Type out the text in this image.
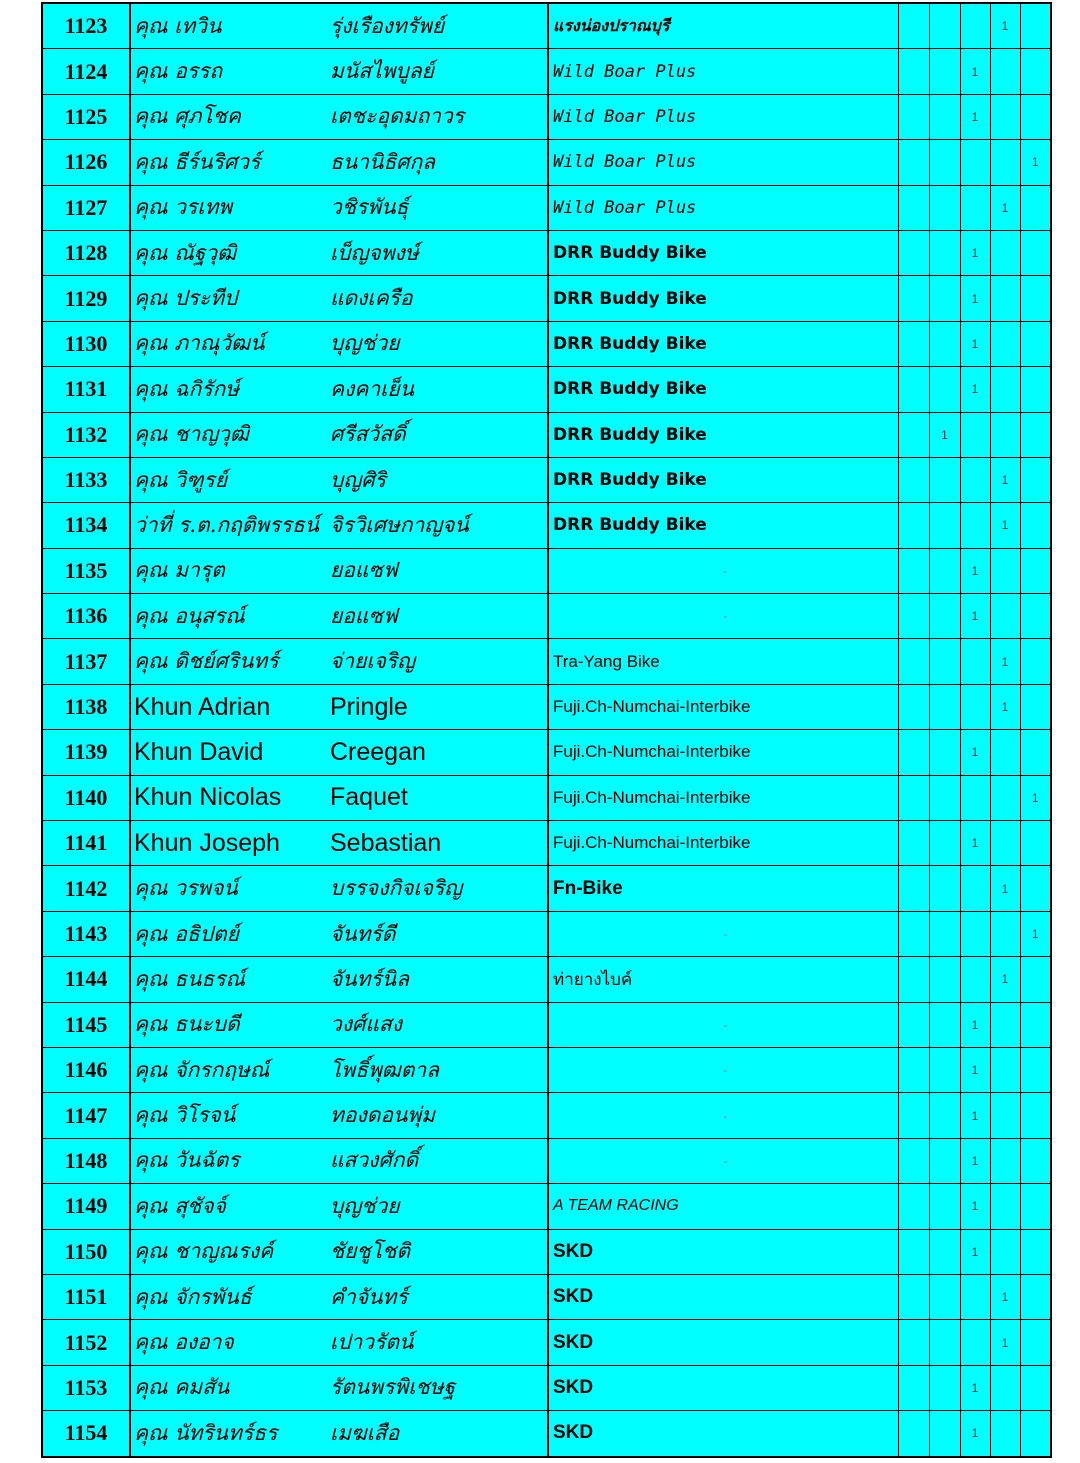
1123	คุณ เทวิน	รุ่งเรืองทรัพย์	แรงน่องปราณบุรี				1	
1124	คุณ อรรถ	มนัสไพบูลย์	Wild Boar Plus			1		
1125	คุณ ศุภโชค	เตชะอุดมถาวร	Wild Boar Plus			1		
1126	คุณ ธีร์นริศวร์	ธนานิธิศกุล	Wild Boar Plus					1
1127	คุณ วรเทพ	วชิรพันธุ์	Wild Boar Plus				1	
1128	คุณ ณัฐวุฒิ	เบ็ญจพงษ์	DRR Buddy Bike			1		
1129	คุณ ประทีป	แดงเครือ	DRR Buddy Bike			1		
1130	คุณ ภาณุวัฒน์	บุญช่วย	DRR Buddy Bike			1		
1131	คุณ ฉกิรักษ์	คงคาเย็น	DRR Buddy Bike			1		
1132	คุณ ชาญวุฒิ	ศรีสวัสดิ์	DRR Buddy Bike		1			
1133	คุณ วิฑูรย์	บุญศิริ	DRR Buddy Bike				1	
1134	ว่าที่ ร.ต.กฤติพรรธน์	จิรวิเศษกาญจน์	DRR Buddy Bike				1	
1135	คุณ มารุต	ยอแซฟ	-			1		
1136	คุณ อนุสรณ์	ยอแซฟ	-			1		
1137	คุณ ดิชย์ศรินทร์	จ่ายเจริญ	Tra-Yang Bike				1	
1138	Khun Adrian	Pringle	Fuji.Ch-Numchai-Interbike				1	
1139	Khun David	Creegan	Fuji.Ch-Numchai-Interbike			1		
1140	Khun Nicolas	Faquet	Fuji.Ch-Numchai-Interbike					1
1141	Khun Joseph	Sebastian	Fuji.Ch-Numchai-Interbike			1		
1142	คุณ วรพจน์	บรรจงกิจเจริญ	Fn-Bike				1	
1143	คุณ อธิปตย์	จันทร์ดี	-					1
1144	คุณ ธนธรณ์	จันทร์นิล	ท่ายางไบค์				1	
1145	คุณ ธนะบดี	วงศ์แสง	-			1		
1146	คุณ จักรกฤษณ์	โพธิ์พุฒตาล	-			1		
1147	คุณ วิโรจน์	ทองดอนพุ่ม	-			1		
1148	คุณ วันฉัตร	แสวงศักดิ์	-			1		
1149	คุณ สุชัจจ์	บุญช่วย	A TEAM RACING			1		
1150	คุณ ชาญณรงค์	ชัยชูโชติ	SKD			1		
1151	คุณ จักรพันธ์	คำจันทร์	SKD				1	
1152	คุณ องอาจ	เปาวรัตน์	SKD				1	
1153	คุณ คมสัน	รัตนพรพิเชษฐ	SKD			1		
1154	คุณ นัทรินทร์ธร	เมฆเสือ	SKD			1		
